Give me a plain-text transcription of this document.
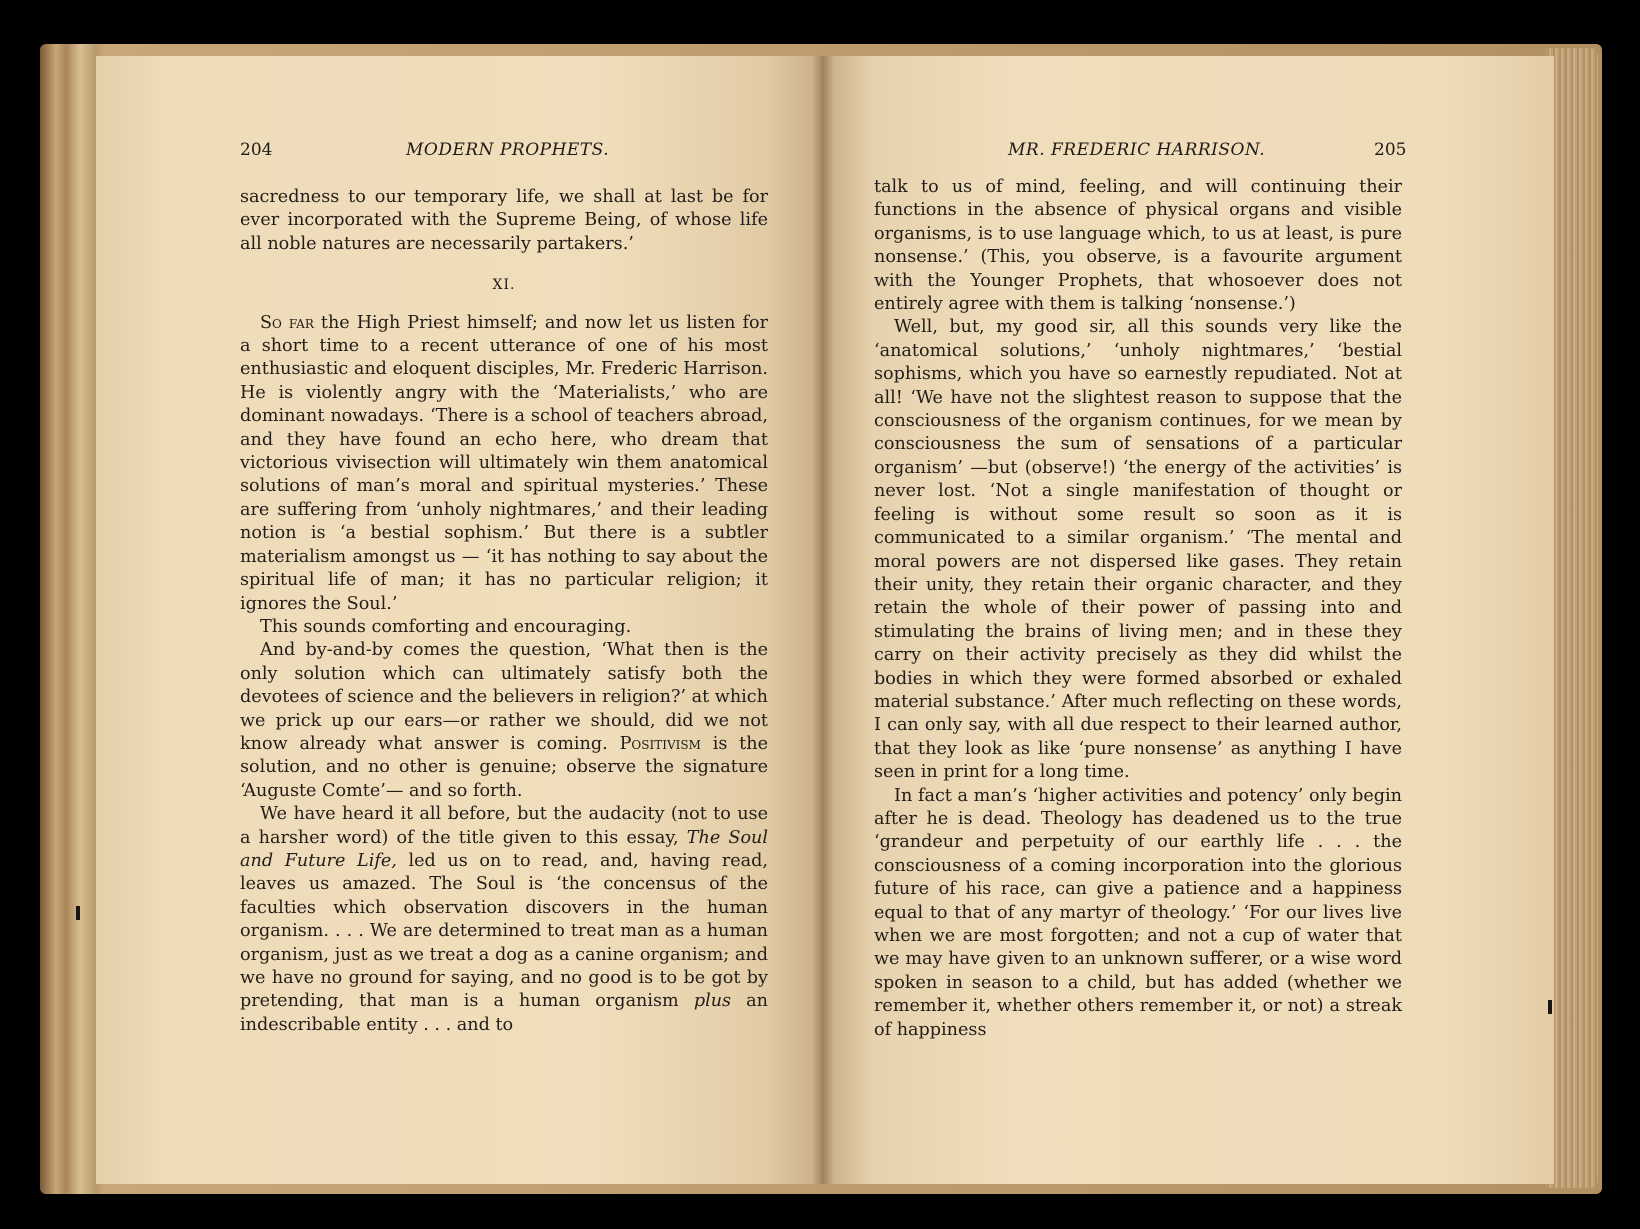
204	MODERN PROPHETS.

sacredness to our temporary life, we shall at last be for ever incorporated with the Supreme Being, of whose life all noble natures are necessarily partakers.’

XI.

So far the High Priest himself; and now let us listen for a short time to a recent utterance of one of his most enthusiastic and eloquent disciples, Mr. Frederic Harrison. He is violently angry with the ‘Materialists,’ who are dominant nowadays. ‘There is a school of teachers abroad, and they have found an echo here, who dream that victorious vivisection will ultimately win them anatomical solutions of man’s moral and spiritual mysteries.’ These are suffering from ‘unholy nightmares,’ and their leading notion is ‘a bestial sophism.’ But there is a subtler materialism amongst us — ‘it has nothing to say about the spiritual life of man; it has no particular religion; it ignores the Soul.’

This sounds comforting and encouraging.

And by-and-by comes the question, ‘What then is the only solution which can ultimately satisfy both the devotees of science and the believers in religion?’ at which we prick up our ears—or rather we should, did we not know already what answer is coming. Positivism is the solution, and no other is genuine; observe the signature ‘Auguste Comte’— and so forth.

We have heard it all before, but the audacity (not to use a harsher word) of the title given to this essay, The Soul and Future Life, led us on to read, and, having read, leaves us amazed. The Soul is ‘the concensus of the faculties which observation discovers in the human organism. . . . We are determined to treat man as a human organism, just as we treat a dog as a canine organism; and we have no ground for saying, and no good is to be got by pretending, that man is a human organism plus an indescribable entity . . . and to

MR. FREDERIC HARRISON.	205

talk to us of mind, feeling, and will continuing their functions in the absence of physical organs and visible organisms, is to use language which, to us at least, is pure nonsense.’ (This, you observe, is a favourite argument with the Younger Prophets, that whosoever does not entirely agree with them is talking ‘nonsense.’)

Well, but, my good sir, all this sounds very like the ‘anatomical solutions,’ ‘unholy nightmares,’ ‘bestial sophisms, which you have so earnestly repudiated. Not at all! ‘We have not the slightest reason to suppose that the consciousness of the organism continues, for we mean by consciousness the sum of sensations of a particular organism’ —but (observe!) ‘the energy of the activities’ is never lost. ‘Not a single manifestation of thought or feeling is without some result so soon as it is communicated to a similar organism.’ ‘The mental and moral powers are not dispersed like gases. They retain their unity, they retain their organic character, and they retain the whole of their power of passing into and stimulating the brains of living men; and in these they carry on their activity precisely as they did whilst the bodies in which they were formed absorbed or exhaled material substance.’ After much reflecting on these words, I can only say, with all due respect to their learned author, that they look as like ‘pure nonsense’ as anything I have seen in print for a long time.

In fact a man’s ‘higher activities and potency’ only begin after he is dead. Theology has deadened us to the true ‘grandeur and perpetuity of our earthly life . . . the consciousness of a coming incorporation into the glorious future of his race, can give a patience and a happiness equal to that of any martyr of theology.’ ‘For our lives live when we are most forgotten; and not a cup of water that we may have given to an unknown sufferer, or a wise word spoken in season to a child, but has added (whether we remember it, whether others remember it, or not) a streak of happiness
